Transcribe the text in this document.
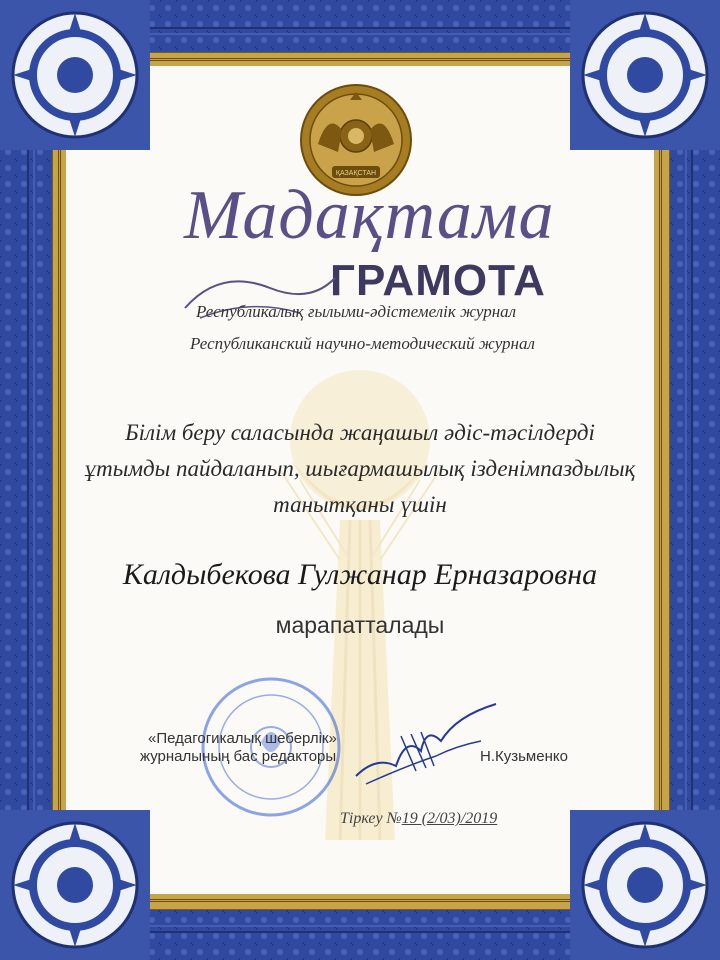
ҚАЗАҚСТАН

Мадақтама

ГРАМОТА

Республикалық ғылыми-әдістемелік журнал

Республиканский научно-методический журнал

Білім беру саласында жаңашыл әдіс-тәсілдерді

ұтымды пайдаланып, шығармашылық ізденімпаздылық

танытқаны үшін

Калдыбекова Гулжанар Ерназаровна

марапатталады

«Педагогикалық шеберлік»

журналының бас редакторы	Н.Кузьменко

Тіркеу №19 (2/03)/2019
